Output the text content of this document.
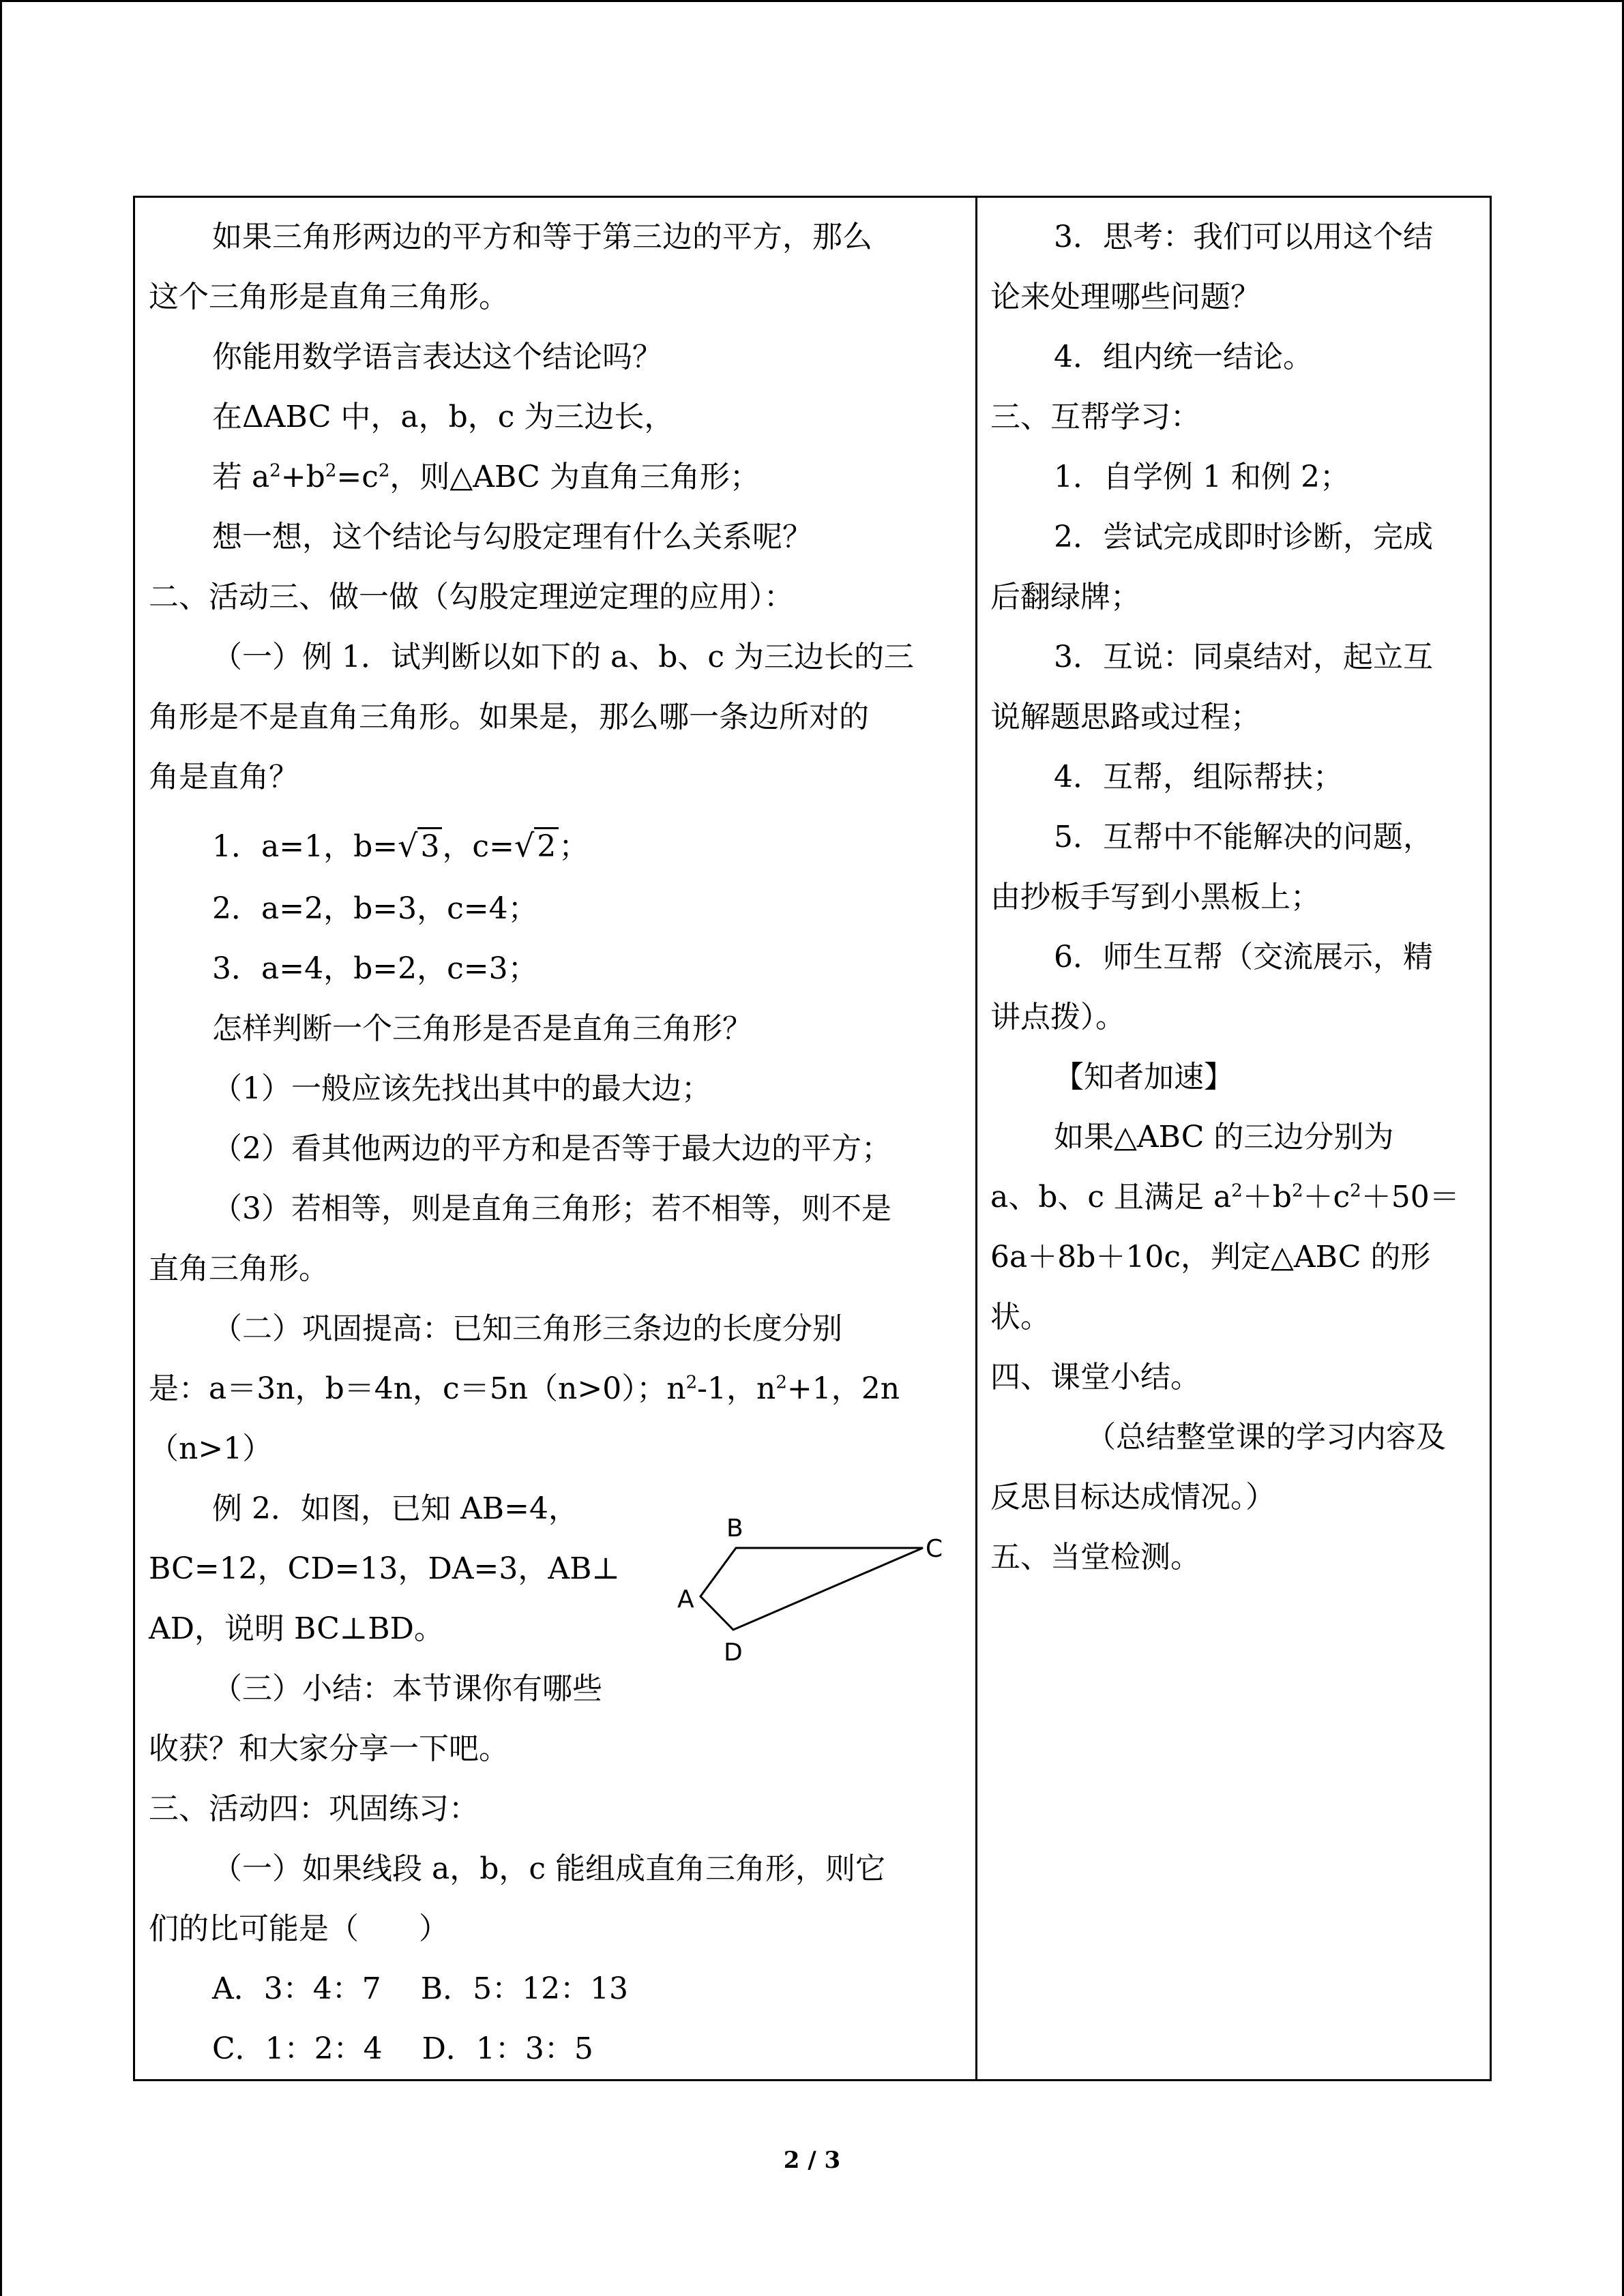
如果三角形两边的平方和等于第三边的平方，那么
这个三角形是直角三角形。
你能用数学语言表达这个结论吗？
在ΔABC 中，a，b，c 为三边长，
若 $a^2+b^2=c^2$，则△ABC 为直角三角形；
想一想，这个结论与勾股定理有什么关系呢？
二、活动三、做一做（勾股定理逆定理的应用）：
（一）例 1．试判断以如下的 a、b、c 为三边长的三
角形是不是直角三角形。如果是，那么哪一条边所对的
角是直角？
1．a=1，b=√3，c=√2；
2．a=2，b=3，c=4；
3．a=4，b=2，c=3；
怎样判断一个三角形是否是直角三角形？
（1）一般应该先找出其中的最大边；
（2）看其他两边的平方和是否等于最大边的平方；
（3）若相等，则是直角三角形；若不相等，则不是
直角三角形。
（二）巩固提高：已知三角形三条边的长度分别
是：a＝3n，b＝4n，c＝5n（n>0）；$n^2-1$，$n^2+1$，2n
（n>1）
例 2．如图，已知 AB=4，
BC=12，CD=13，DA=3，AB⊥
AD，说明 BC⊥BD。
（三）小结：本节课你有哪些
收获？和大家分享一下吧。
三、活动四：巩固练习：
（一）如果线段 a，b，c 能组成直角三角形，则它
们的比可能是（　　）
A．3：4：7　 B．5：12：13
C．1：2：4　 D．1：3：5
B
C
A
D
3．思考：我们可以用这个结
论来处理哪些问题？
4．组内统一结论。
三、互帮学习：
1．自学例 1 和例 2；
2．尝试完成即时诊断，完成
后翻绿牌；
3．互说：同桌结对，起立互
说解题思路或过程；
4．互帮，组际帮扶；
5．互帮中不能解决的问题，
由抄板手写到小黑板上；
6．师生互帮（交流展示，精
讲点拨）。
【知者加速】
如果△ABC 的三边分别为
a、b、c 且满足 $a^2+b^2+c^2+50=$
6a＋8b＋10c，判定△ABC 的形
状。
四、课堂小结。
（总结整堂课的学习内容及
反思目标达成情况。）
五、当堂检测。
2 / 3
